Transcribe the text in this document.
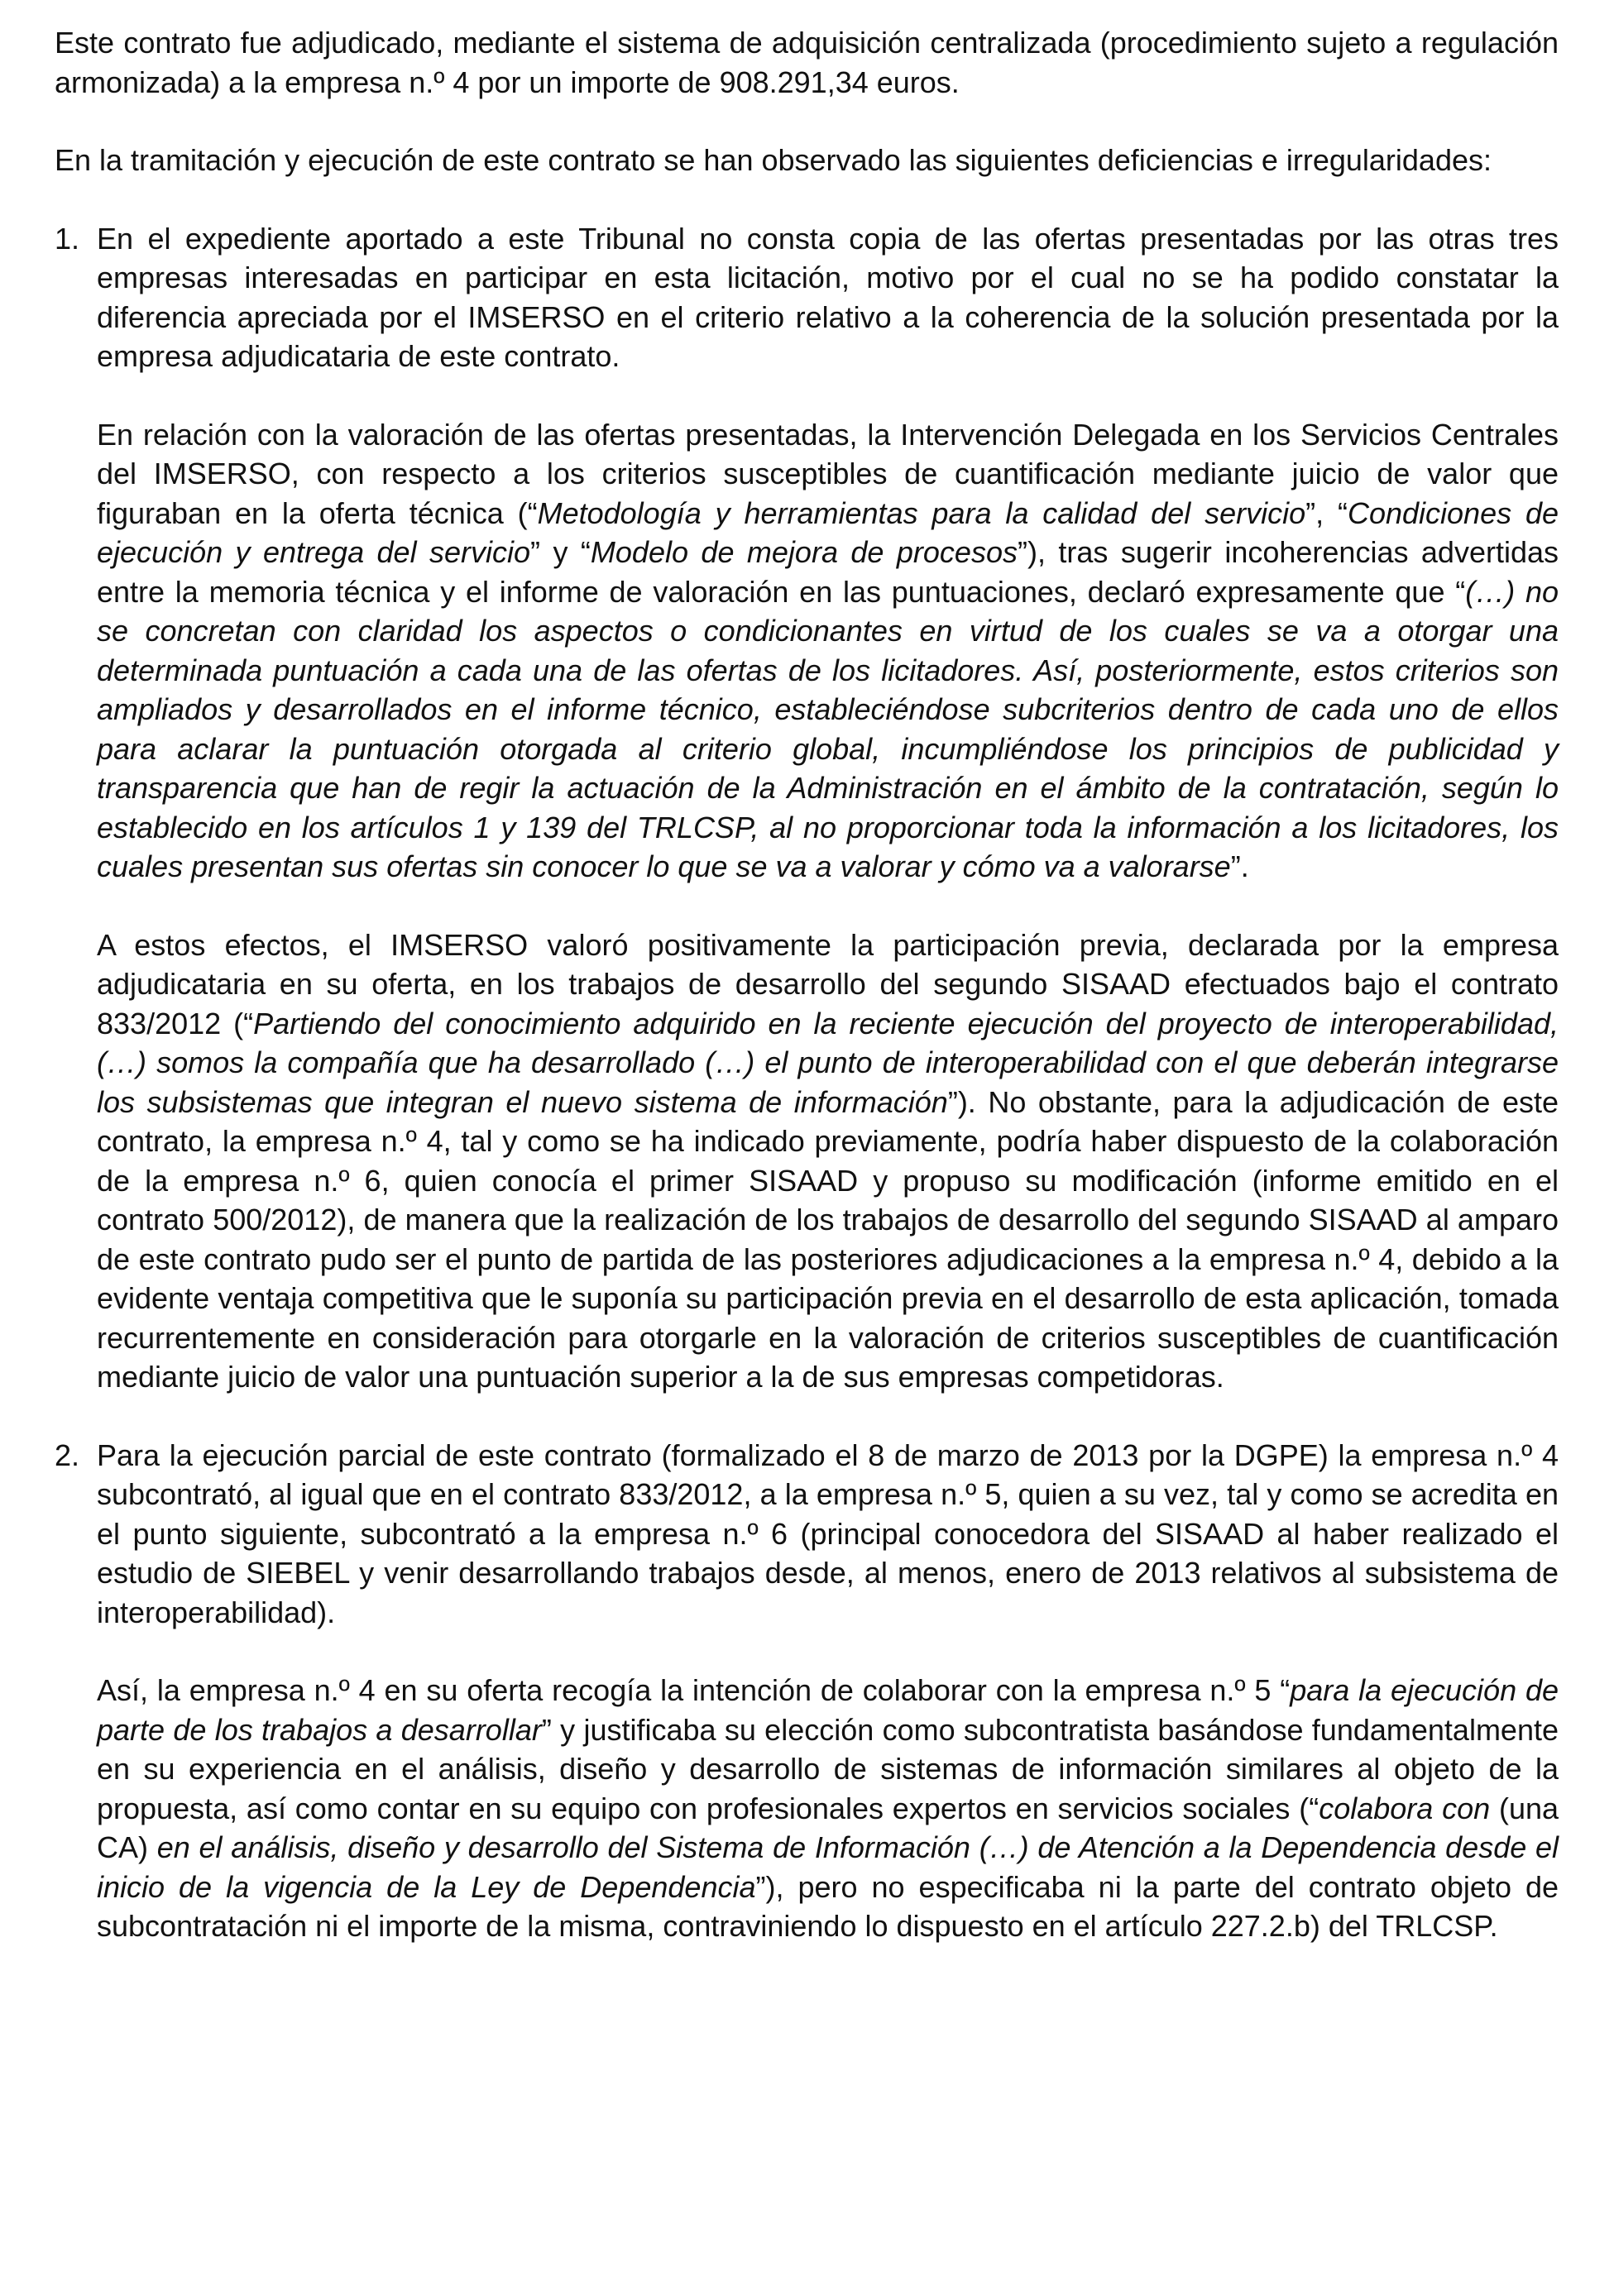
Este contrato fue adjudicado, mediante el sistema de adquisición centralizada (procedimiento sujeto a regulación armonizada) a la empresa n.º 4 por un importe de 908.291,34 euros.

En la tramitación y ejecución de este contrato se han observado las siguientes deficiencias e irregularidades:

1. En el expediente aportado a este Tribunal no consta copia de las ofertas presentadas por las otras tres empresas interesadas en participar en esta licitación, motivo por el cual no se ha podido constatar la diferencia apreciada por el IMSERSO en el criterio relativo a la coherencia de la solución presentada por la empresa adjudicataria de este contrato.

En relación con la valoración de las ofertas presentadas, la Intervención Delegada en los Servicios Centrales del IMSERSO, con respecto a los criterios susceptibles de cuantificación mediante juicio de valor que figuraban en la oferta técnica (“Metodología y herramientas para la calidad del servicio”, “Condiciones de ejecución y entrega del servicio” y “Modelo de mejora de procesos”), tras sugerir incoherencias advertidas entre la memoria técnica y el informe de valoración en las puntuaciones, declaró expresamente que “(…) no se concretan con claridad los aspectos o condicionantes en virtud de los cuales se va a otorgar una determinada puntuación a cada una de las ofertas de los licitadores. Así, posteriormente, estos criterios son ampliados y desarrollados en el informe técnico, estableciéndose subcriterios dentro de cada uno de ellos para aclarar la puntuación otorgada al criterio global, incumpliéndose los principios de publicidad y transparencia que han de regir la actuación de la Administración en el ámbito de la contratación, según lo establecido en los artículos 1 y 139 del TRLCSP, al no proporcionar toda la información a los licitadores, los cuales presentan sus ofertas sin conocer lo que se va a valorar y cómo va a valorarse”.

A estos efectos, el IMSERSO valoró positivamente la participación previa, declarada por la empresa adjudicataria en su oferta, en los trabajos de desarrollo del segundo SISAAD efectuados bajo el contrato 833/2012 (“Partiendo del conocimiento adquirido en la reciente ejecución del proyecto de interoperabilidad, (…) somos la compañía que ha desarrollado (…) el punto de interoperabilidad con el que deberán integrarse los subsistemas que integran el nuevo sistema de información”). No obstante, para la adjudicación de este contrato, la empresa n.º 4, tal y como se ha indicado previamente, podría haber dispuesto de la colaboración de la empresa n.º 6, quien conocía el primer SISAAD y propuso su modificación (informe emitido en el contrato 500/2012), de manera que la realización de los trabajos de desarrollo del segundo SISAAD al amparo de este contrato pudo ser el punto de partida de las posteriores adjudicaciones a la empresa n.º 4, debido a la evidente ventaja competitiva que le suponía su participación previa en el desarrollo de esta aplicación, tomada recurrentemente en consideración para otorgarle en la valoración de criterios susceptibles de cuantificación mediante juicio de valor una puntuación superior a la de sus empresas competidoras.

2. Para la ejecución parcial de este contrato (formalizado el 8 de marzo de 2013 por la DGPE) la empresa n.º 4 subcontrató, al igual que en el contrato 833/2012, a la empresa n.º 5, quien a su vez, tal y como se acredita en el punto siguiente, subcontrató a la empresa n.º 6 (principal conocedora del SISAAD al haber realizado el estudio de SIEBEL y venir desarrollando trabajos desde, al menos, enero de 2013 relativos al subsistema de interoperabilidad).

Así, la empresa n.º 4 en su oferta recogía la intención de colaborar con la empresa n.º 5 “para la ejecución de parte de los trabajos a desarrollar” y justificaba su elección como subcontratista basándose fundamentalmente en su experiencia en el análisis, diseño y desarrollo de sistemas de información similares al objeto de la propuesta, así como contar en su equipo con profesionales expertos en servicios sociales (“colabora con (una CA) en el análisis, diseño y desarrollo del Sistema de Información (…) de Atención a la Dependencia desde el inicio de la vigencia de la Ley de Dependencia”), pero no especificaba ni la parte del contrato objeto de subcontratación ni el importe de la misma, contraviniendo lo dispuesto en el artículo 227.2.b) del TRLCSP.
